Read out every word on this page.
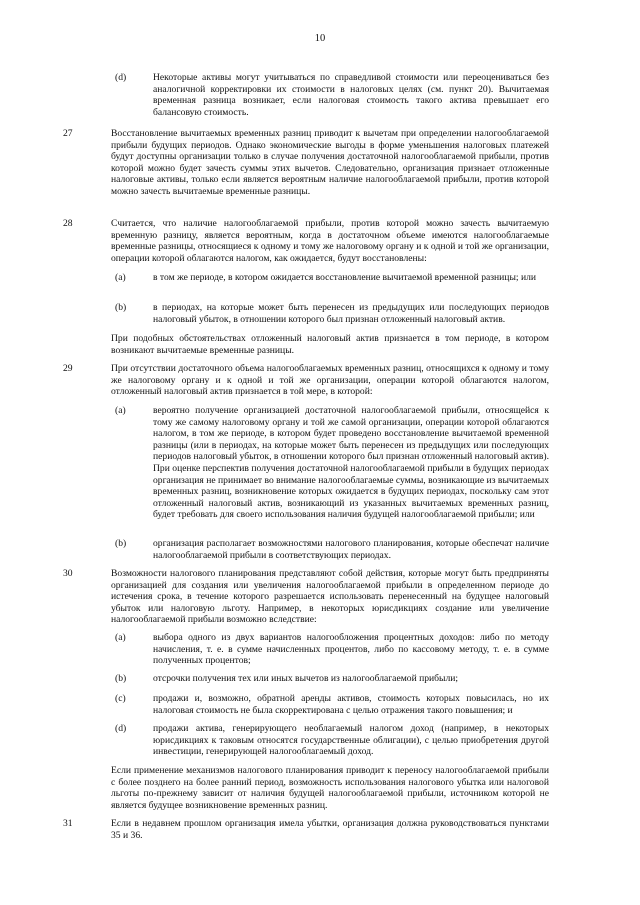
10
(d)	Некоторые активы могут учитываться по справедливой стоимости или переоцениваться без аналогичной корректировки их стоимости в налоговых целях (см. пункт 20). Вычитаемая временная разница возникает, если налоговая стоимость такого актива превышает его балансовую стоимость.
27	Восстановление вычитаемых временных разниц приводит к вычетам при определении налогооблагаемой прибыли будущих периодов. Однако экономические выгоды в форме уменьшения налоговых платежей будут доступны организации только в случае получения достаточной налогооблагаемой прибыли, против которой можно будет зачесть суммы этих вычетов. Следовательно, организация признает отложенные налоговые активы, только если является вероятным наличие налогооблагаемой прибыли, против которой можно зачесть вычитаемые временные разницы.
28	Считается, что наличие налогооблагаемой прибыли, против которой можно зачесть вычитаемую временную разницу, является вероятным, когда в достаточном объеме имеются налогооблагаемые временные разницы, относящиеся к одному и тому же налоговому органу и к одной и той же организации, операции которой облагаются налогом, как ожидается, будут восстановлены:
(a)	в том же периоде, в котором ожидается восстановление вычитаемой временной разницы; или
(b)	в периодах, на которые может быть перенесен из предыдущих или последующих периодов налоговый убыток, в отношении которого был признан отложенный налоговый актив.
При подобных обстоятельствах отложенный налоговый актив признается в том периоде, в котором возникают вычитаемые временные разницы.
29	При отсутствии достаточного объема налогооблагаемых временных разниц, относящихся к одному и тому же налоговому органу и к одной и той же организации, операции которой облагаются налогом, отложенный налоговый актив признается в той мере, в которой:
(a)	вероятно получение организацией достаточной налогооблагаемой прибыли, относящейся к тому же самому налоговому органу и той же самой организации, операции которой облагаются налогом, в том же периоде, в котором будет проведено восстановление вычитаемой временной разницы (или в периодах, на которые может быть перенесен из предыдущих или последующих периодов налоговый убыток, в отношении которого был признан отложенный налоговый актив). При оценке перспектив получения достаточной налогооблагаемой прибыли в будущих периодах организация не принимает во внимание налогооблагаемые суммы, возникающие из вычитаемых временных разниц, возникновение которых ожидается в будущих периодах, поскольку сам этот отложенный налоговый актив, возникающий из указанных вычитаемых временных разниц, будет требовать для своего использования наличия будущей налогооблагаемой прибыли; или
(b)	организация располагает возможностями налогового планирования, которые обеспечат наличие налогооблагаемой прибыли в соответствующих периодах.
30	Возможности налогового планирования представляют собой действия, которые могут быть предприняты организацией для создания или увеличения налогооблагаемой прибыли в определенном периоде до истечения срока, в течение которого разрешается использовать перенесенный на будущее налоговый убыток или налоговую льготу. Например, в некоторых юрисдикциях создание или увеличение налогооблагаемой прибыли возможно вследствие:
(a)	выбора одного из двух вариантов налогообложения процентных доходов: либо по методу начисления, т. е. в сумме начисленных процентов, либо по кассовому методу, т. е. в сумме полученных процентов;
(b)	отсрочки получения тех или иных вычетов из налогооблагаемой прибыли;
(c)	продажи и, возможно, обратной аренды активов, стоимость которых повысилась, но их налоговая стоимость не была скорректирована с целью отражения такого повышения; и
(d)	продажи актива, генерирующего необлагаемый налогом доход (например, в некоторых юрисдикциях к таковым относятся государственные облигации), с целью приобретения другой инвестиции, генерирующей налогооблагаемый доход.
Если применение механизмов налогового планирования приводит к переносу налогооблагаемой прибыли с более позднего на более ранний период, возможность использования налогового убытка или налоговой льготы по-прежнему зависит от наличия будущей налогооблагаемой прибыли, источником которой не является будущее возникновение временных разниц.
31	Если в недавнем прошлом организация имела убытки, организация должна руководствоваться пунктами 35 и 36.
